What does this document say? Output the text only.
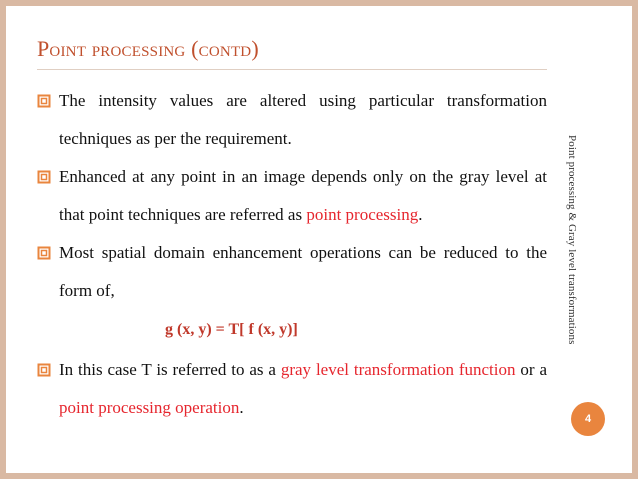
Point processing (contd)
The intensity values are altered using particular transformation techniques as per the requirement.
Enhanced at any point in an image depends only on the gray level at that point techniques are referred as point processing.
Most spatial domain enhancement operations can be reduced to the form of,
g (x, y) = T[ f (x, y)]
In this case T is referred to as a gray level transformation function or a point processing operation.
Point processing & Gray level transformations
4
